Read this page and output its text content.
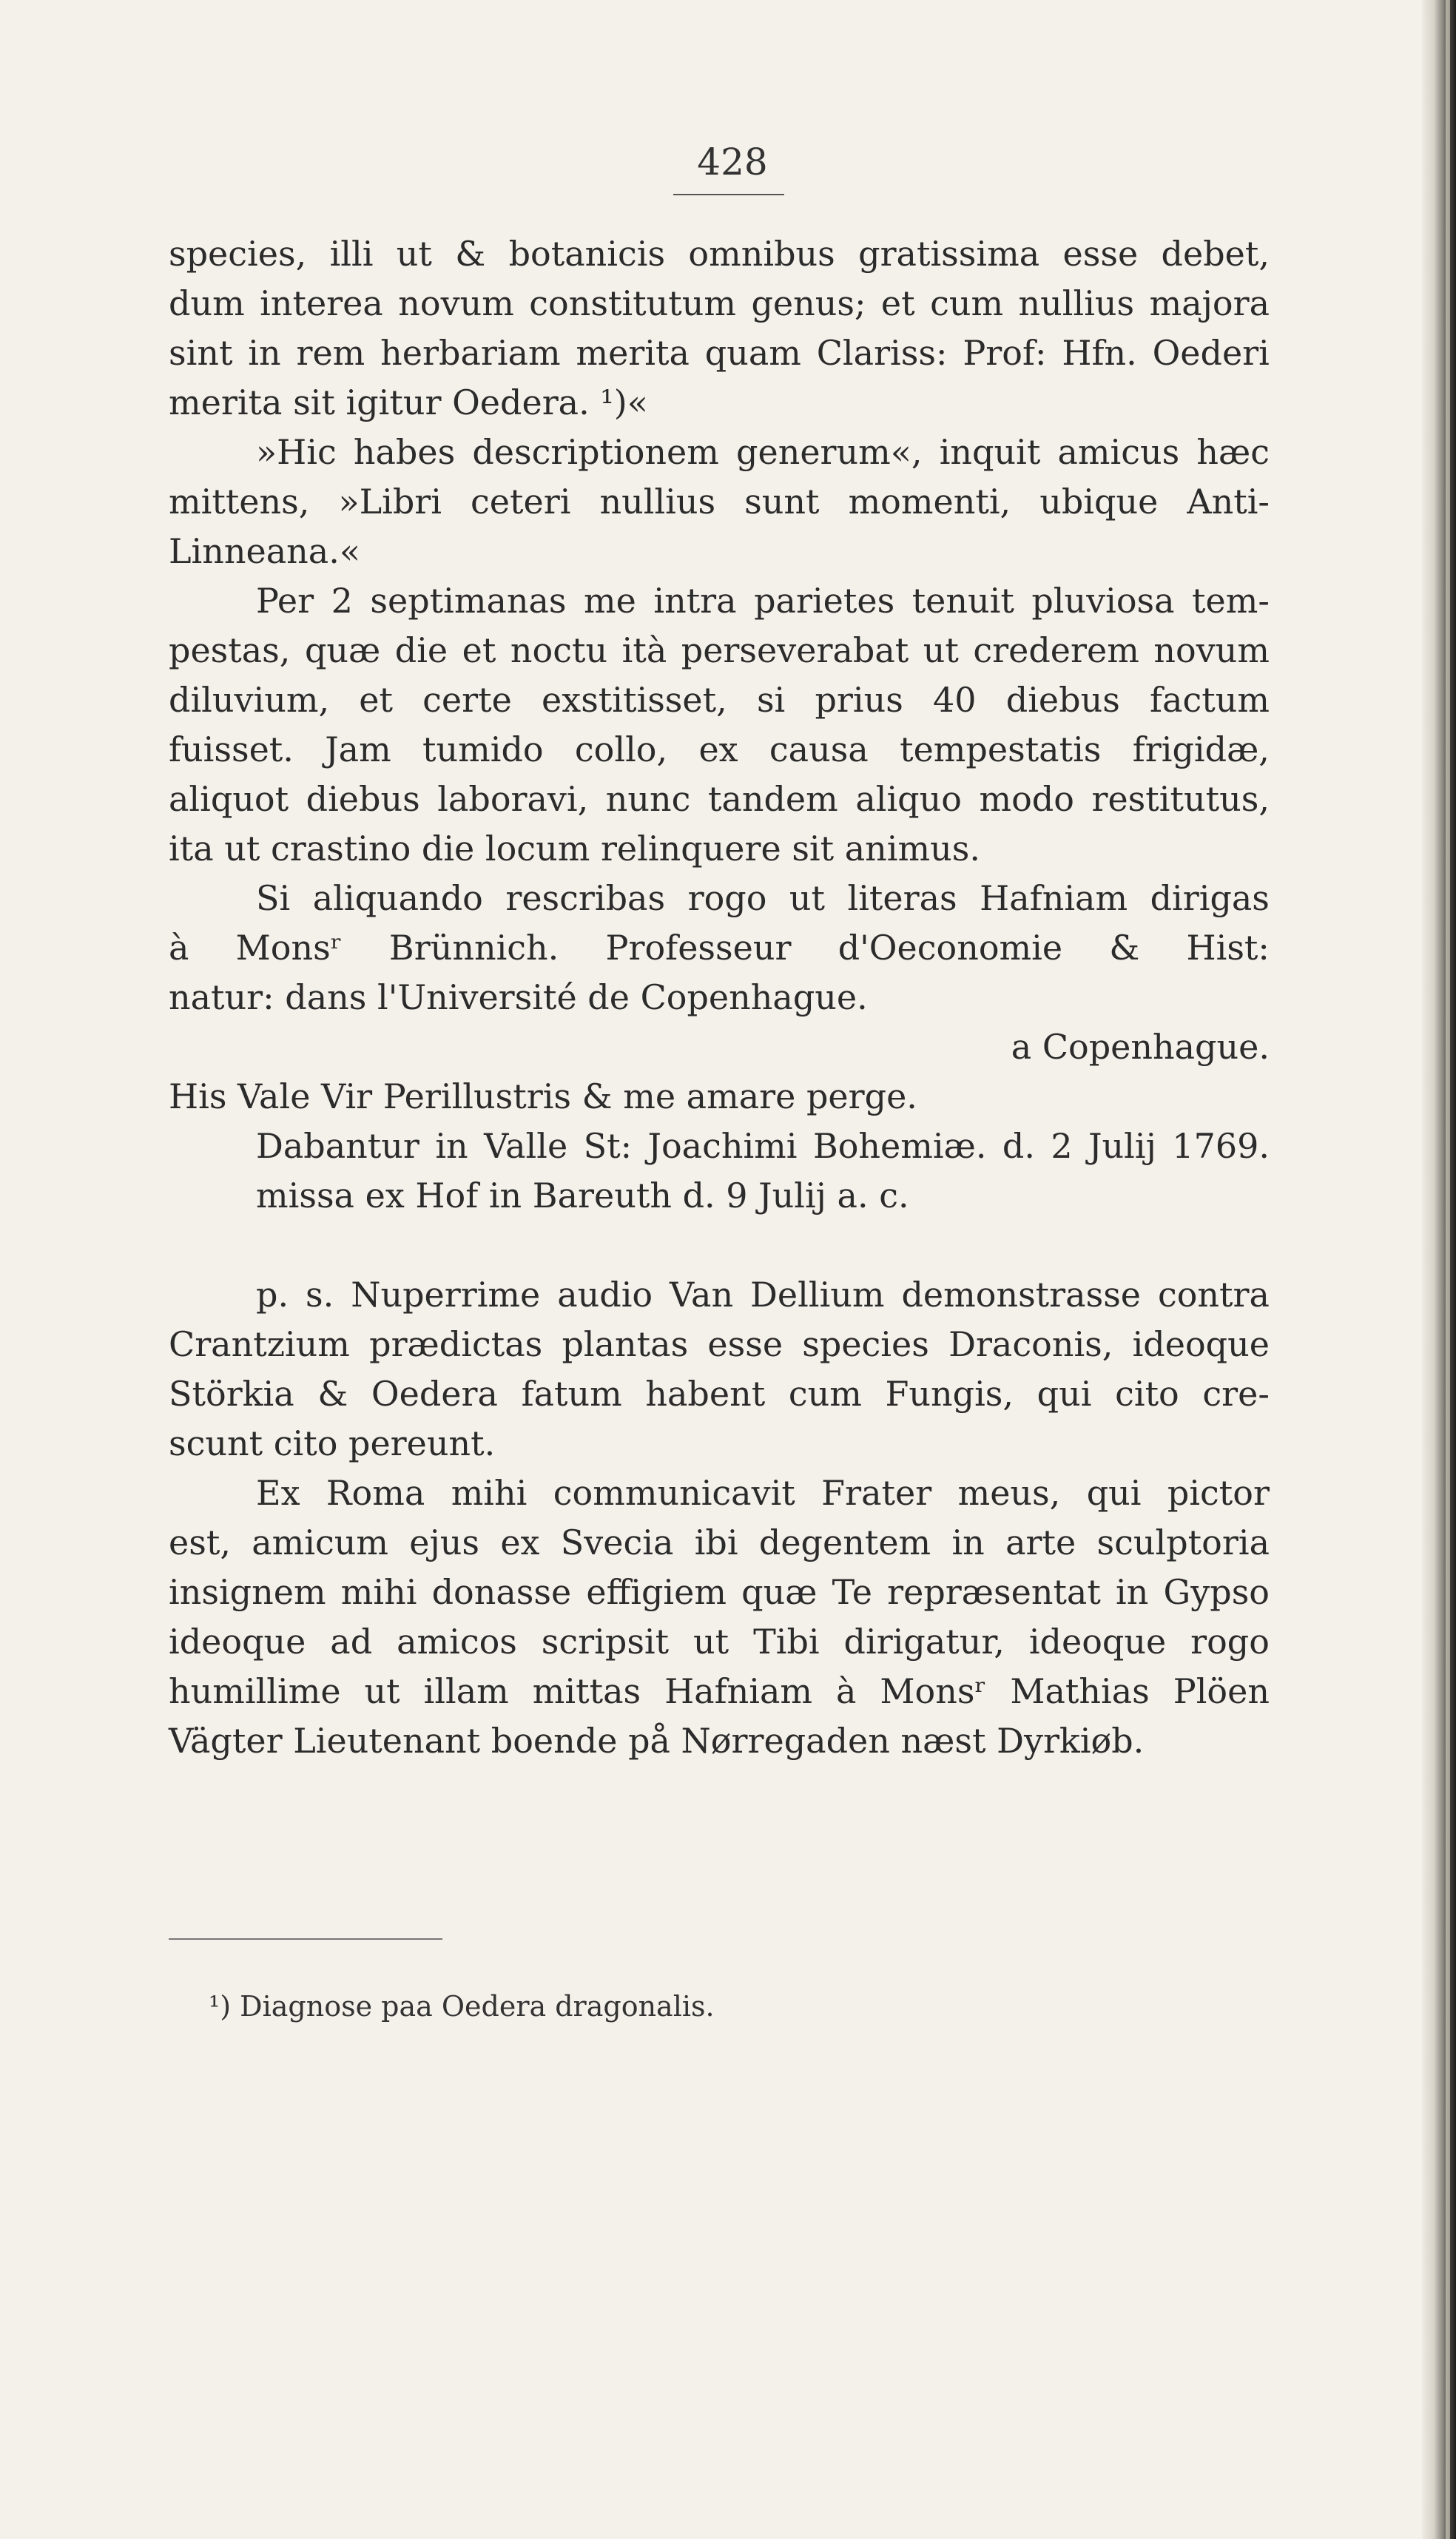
428
species, illi ut & botanicis omnibus gratissima esse debet,
dum interea novum constitutum genus; et cum nullius majora
sint in rem herbariam merita quam Clariss: Prof: Hfn. Oederi
merita sit igitur Oedera. ¹)«
»Hic habes descriptionem generum«, inquit amicus hæc
mittens, »Libri ceteri nullius sunt momenti, ubique Anti-
Linneana.«
Per 2 septimanas me intra parietes tenuit pluviosa tem-
pestas, quæ die et noctu ità perseverabat ut crederem novum
diluvium, et certe exstitisset, si prius 40 diebus factum
fuisset. Jam tumido collo, ex causa tempestatis frigidæ,
aliquot diebus laboravi, nunc tandem aliquo modo restitutus,
ita ut crastino die locum relinquere sit animus.
Si aliquando rescribas rogo ut literas Hafniam dirigas
à Monsʳ Brünnich. Professeur d'Oeconomie & Hist:
natur: dans l'Université de Copenhague.
a Copenhague.
His Vale Vir Perillustris & me amare perge.
Dabantur in Valle St: Joachimi Bohemiæ. d. 2 Julij 1769.
missa ex Hof in Bareuth d. 9 Julij a. c.
p. s. Nuperrime audio Van Dellium demonstrasse contra
Crantzium prædictas plantas esse species Draconis, ideoque
Störkia & Oedera fatum habent cum Fungis, qui cito cre-
scunt cito pereunt.
Ex Roma mihi communicavit Frater meus, qui pictor
est, amicum ejus ex Svecia ibi degentem in arte sculptoria
insignem mihi donasse effigiem quæ Te repræsentat in Gypso
ideoque ad amicos scripsit ut Tibi dirigatur, ideoque rogo
humillime ut illam mittas Hafniam à Monsʳ Mathias Plöen
Vägter Lieutenant boende på Nørregaden næst Dyrkiøb.
¹) Diagnose paa Oedera dragonalis.
